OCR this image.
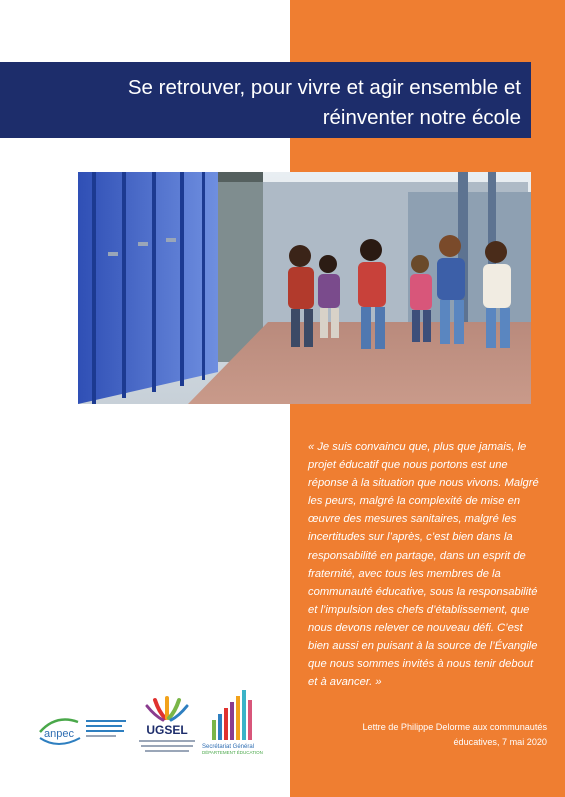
Se retrouver, pour vivre et agir ensemble et
réinventer notre école

« Je suis convaincu que, plus que jamais, le projet éducatif que nous portons est une réponse à la situation que nous vivons. Malgré les peurs, malgré la complexité de mise en œuvre des mesures sanitaires, malgré les incertitudes sur l’après, c’est bien dans la responsabilité en partage, dans un esprit de fraternité, avec tous les membres de la communauté éducative, sous la responsabilité et l’impulsion des chefs d’établissement, que nous devons relever ce nouveau défi. C’est bien aussi en puisant à la source de l’Évangile que nous sommes invités à nous tenir debout et à avancer. »

Lettre de Philippe Delorme aux communautés
éducatives, 7 mai 2020
anpec	UGSEL
Secrétariat Général
DÉPARTEMENT ÉDUCATION
